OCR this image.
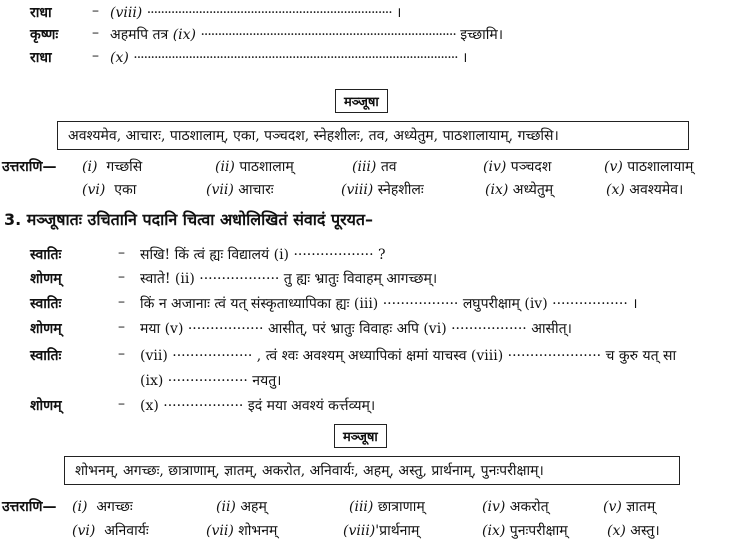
राधा	– (viii) ······································································· ।
कृष्णः – अहमपि तत्र (ix) ·········································································· इच्छामि।
राधा	– (x) ······························································································ ।
मञ्जूषा
अवश्यमेव, आचारः, पाठशालाम्, एका, पञ्चदश, स्नेहशीलः, तव, अध्येतुम, पाठशालायाम्, गच्छसि।
उत्तराणि— (i) गच्छसि	(ii) पाठशालाम्	(iii) तव	(iv) पञ्चदश	(v) पाठशालायाम्
(vi) एका	(vii) आचारः	(viii) स्नेहशीलः	(ix) अध्येतुम्	(x) अवश्यमेव।
3. मञ्जूषातः उचितानि पदानि चित्वा अधोलिखितं संवादं पूरयत–
स्वातिः	– सखि! किं त्वं ह्यः विद्यालयं (i) ·················· ?
शोणम्	– स्वाते! (ii) ·················· तु ह्यः भ्रातुः विवाहम् आगच्छम्।
स्वातिः	– किं न अजानाः त्वं यत् संस्कृताध्यापिका ह्यः (iii) ················· लघुपरीक्षाम् (iv) ················· ।
शोणम्	– मया (v) ················· आसीत्, परं भ्रातुः विवाहः अपि (vi) ················· आसीत्।
स्वातिः	– (vii) ·················· , त्वं श्वः अवश्यम् अध्यापिकां क्षमां याचस्व (viii) ····················· च कुरु यत् सा
(ix) ·················· नयतु।
शोणम्	– (x) ·················· इदं मया अवश्यं कर्त्तव्यम्।
मञ्जूषा
शोभनम्, अगच्छः, छात्राणाम्, ज्ञातम्, अकरोत, अनिवार्यः, अहम्, अस्तु, प्रार्थनाम्, पुनःपरीक्षाम्।
उत्तराणि— (i) अगच्छः	(ii) अहम्	(iii) छात्राणाम्	(iv) अकरोत्	(v) ज्ञातम्
(vi) अनिवार्यः	(vii) शोभनम्	(viii)'प्रार्थनाम्	(ix) पुनःपरीक्षाम्	(x) अस्तु।
